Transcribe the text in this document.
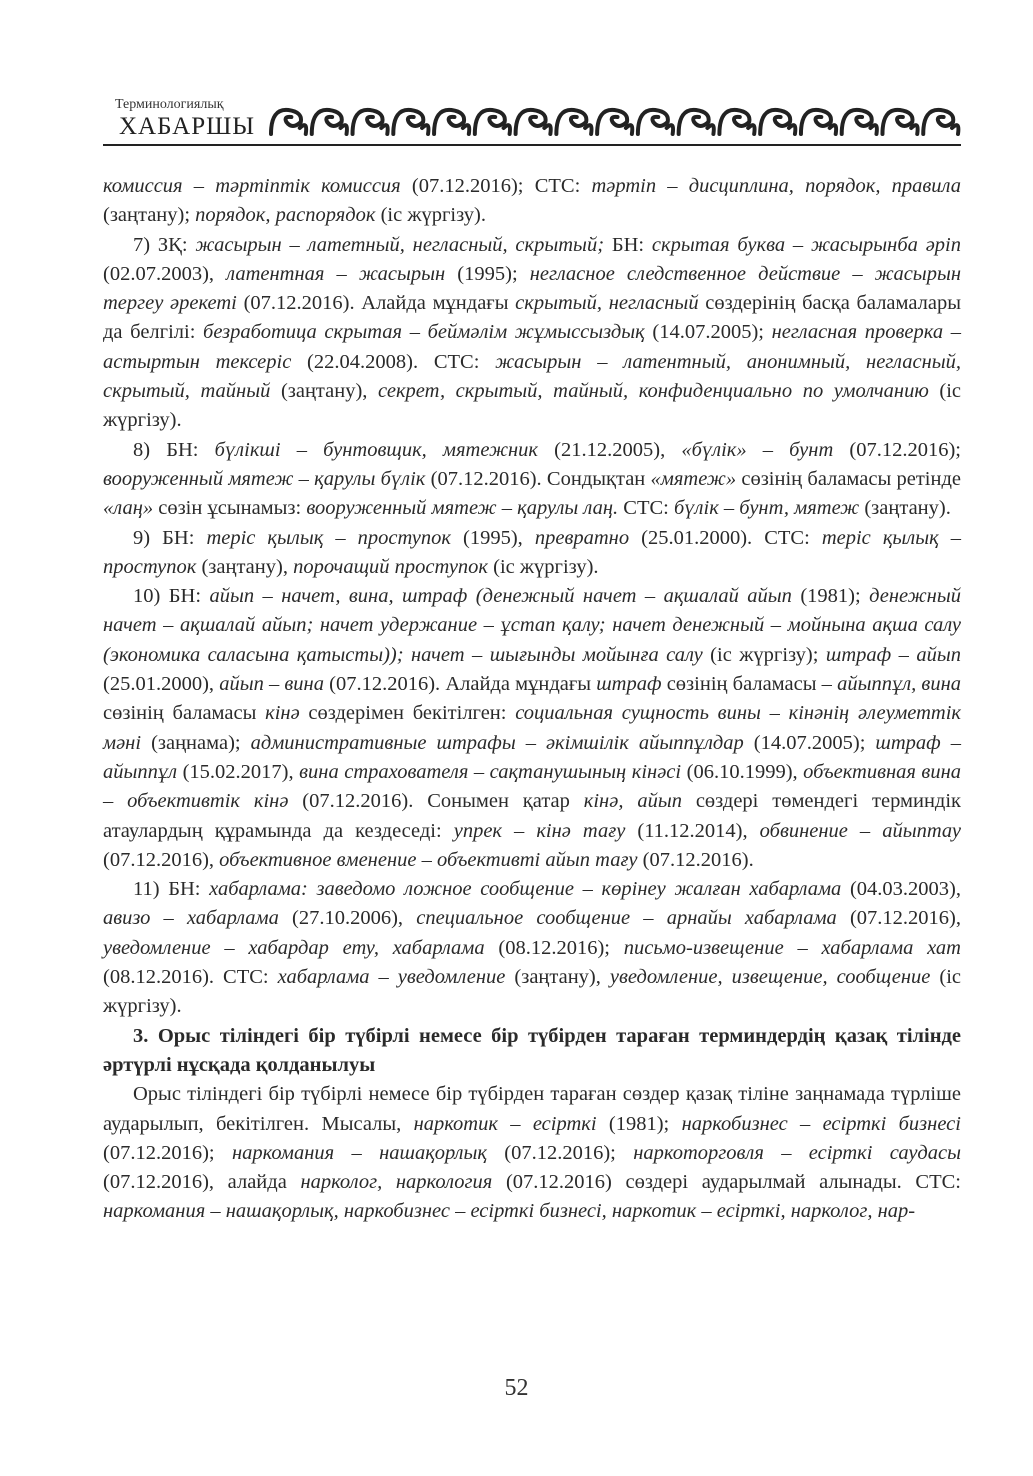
Терминологиялық
ХАБАРШЫ

комиссия – тәртіптік комиссия (07.12.2016); СТС: тәртіп – дисциплина, порядок, правила (заңтану); порядок, распорядок (іс жүргізу).

7) ЗҚ: жасырын – латетный, негласный, скрытый; БН: скрытая буква – жасырынба әріп (02.07.2003), латентная – жасырын (1995); негласное следственное действие – жасырын тергеу әрекеті (07.12.2016). Алайда мұндағы скрытый, негласный сөздерінің басқа баламалары да белгілі: безработица скрытая – беймәлім жұмыссыздық (14.07.2005); негласная проверка – астыртын тексеріс (22.04.2008). СТС: жасырын – латентный, анонимный, негласный, скрытый, тайный (заңтану), секрет, скрытый, тайный, конфиденциально по умолчанию (іс жүргізу).

8) БН: бүлікші – бунтовщик, мятежник (21.12.2005), «бүлік» – бунт (07.12.2016); вооруженный мятеж – қарулы бүлік (07.12.2016). Сондықтан «мятеж» сөзінің баламасы ретінде «лаң» сөзін ұсынамыз: вооруженный мятеж – қарулы лаң. СТС: бүлік – бунт, мятеж (заңтану).

9) БН: теріс қылық – проступок (1995), превратно (25.01.2000). СТС: теріс қылық – проступок (заңтану), порочащий проступок (іс жүргізу).

10) БН: айып – начет, вина, штраф (денежный начет – ақшалай айып (1981); денежный начет – ақшалай айып; начет удержание – ұстап қалу; начет денежный – мойнына ақша салу (экономика саласына қатысты)); начет – шығынды мойынға салу (іс жүргізу); штраф – айып (25.01.2000), айып – вина (07.12.2016). Алайда мұндағы штраф сөзінің баламасы – айыппұл, вина сөзінің баламасы кінә сөздерімен бекітілген: социальная сущность вины – кінәнің әлеуметтік мәні (заңнама); административные штрафы – әкімшілік айыппұлдар (14.07.2005); штраф – айыппұл (15.02.2017), вина страхователя – сақтанушының кінәсі (06.10.1999), объективная вина – объективтік кінә (07.12.2016). Сонымен қатар кінә, айып сөздері төмендегі терминдік атаулардың құрамында да кездеседі: упрек – кінә тағу (11.12.2014), обвинение – айыптау (07.12.2016), объективное вменение – объективті айып тағу (07.12.2016).

11) БН: хабарлама: заведомо ложное сообщение – көрінеу жалған хабарлама (04.03.2003), авизо – хабарлама (27.10.2006), специальное сообщение – арнайы хабарлама (07.12.2016), уведомление – хабардар ету, хабарлама (08.12.2016); письмо-извещение – хабарлама хат (08.12.2016). СТС: хабарлама – уведомление (заңтану), уведомление, извещение, сообщение (іс жүргізу).

3. Орыс тіліндегі бір түбірлі немесе бір түбірден тараған терминдердің қазақ тілінде әртүрлі нұсқада қолданылуы

Орыс тіліндегі бір түбірлі немесе бір түбірден тараған сөздер қазақ тіліне заңнамада түрліше аударылып, бекітілген. Мысалы, наркотик – есірткі (1981); наркобизнес – есірткі бизнесі (07.12.2016); наркомания – нашақорлық (07.12.2016); наркоторговля – есірткі саудасы (07.12.2016), алайда нарколог, наркология (07.12.2016) сөздері аударылмай алынады. СТС: наркомания – нашақорлық, наркобизнес – есірткі бизнесі, наркотик – есірткі, нарколог, нар-

52
